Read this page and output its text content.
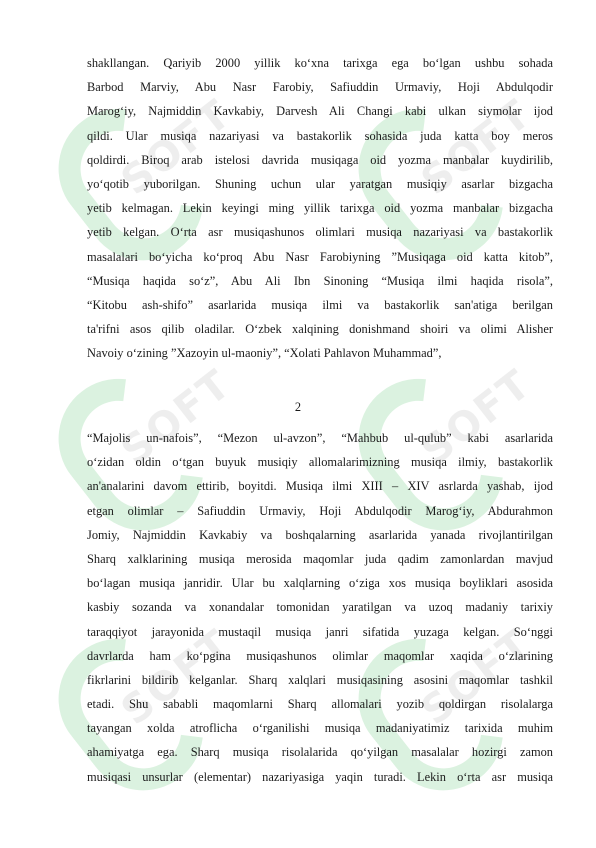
SOFT	SOFT
SOFT	SOFT
SOFT	SOFT
shakllangan. Qariyib 2000 yillik ko‘xna tarixga ega bo‘lgan ushbu sohada
Barbod Marviy, Abu Nasr Farobiy, Safiuddin Urmaviy, Hoji Abdulqodir
Marog‘iy, Najmiddin Kavkabiy, Darvesh Ali Changi kabi ulkan siymolar ijod
qildi. Ular musiqa nazariyasi va bastakorlik sohasida juda katta boy meros
qoldirdi. Biroq arab istelosi davrida musiqaga oid yozma manbalar kuydirilib,
yo‘qotib yuborilgan. Shuning uchun ular yaratgan musiqiy asarlar bizgacha
yetib kelmagan. Lekin keyingi ming yillik tarixga oid yozma manbalar bizgacha
yetib kelgan. O‘rta asr musiqashunos olimlari musiqa nazariyasi va bastakorlik
masalalari bo‘yicha ko‘proq Abu Nasr Farobiyning ”Musiqaga oid katta kitob”,
“Musiqa haqida so‘z”, Abu Ali Ibn Sinoning “Musiqa ilmi haqida risola”,
“Kitobu ash-shifo” asarlarida musiqa ilmi va bastakorlik san'atiga berilgan
ta'rifni asos qilib oladilar. O‘zbek xalqining donishmand shoiri va olimi Alisher
Navoiy o‘zining ”Xazoyin ul-maoniy”, “Xolati Pahlavon Muhammad”,
2
“Majolis un-nafois”, “Mezon ul-avzon”, “Mahbub ul-qulub” kabi asarlarida
o‘zidan oldin o‘tgan buyuk musiqiy allomalarimizning musiqa ilmiy, bastakorlik
an'analarini davom ettirib, boyitdi. Musiqa ilmi XIII – XIV asrlarda yashab, ijod
etgan olimlar – Safiuddin Urmaviy, Hoji Abdulqodir Marog‘iy, Abdurahmon
Jomiy, Najmiddin Kavkabiy va boshqalarning asarlarida yanada rivojlantirilgan
Sharq xalklarining musiqa merosida maqomlar juda qadim zamonlardan mavjud
bo‘lagan musiqa janridir. Ular bu xalqlarning o‘ziga xos musiqa boyliklari asosida
kasbiy sozanda va xonandalar tomonidan yaratilgan va uzoq madaniy tarixiy
taraqqiyot jarayonida mustaqil musiqa janri sifatida yuzaga kelgan. So‘nggi
davrlarda ham ko‘pgina musiqashunos olimlar maqomlar xaqida o‘zlarining
fikrlarini bildirib kelganlar. Sharq xalqlari musiqasining asosini maqomlar tashkil
etadi. Shu sababli maqomlarni Sharq allomalari yozib qoldirgan risolalarga
tayangan xolda atroflicha o‘rganilishi musiqa madaniyatimiz tarixida muhim
ahamiyatga ega. Sharq musiqa risolalarida qo‘yilgan masalalar hozirgi zamon
musiqasi unsurlar (elementar) nazariyasiga yaqin turadi. Lekin o‘rta asr musiqa
